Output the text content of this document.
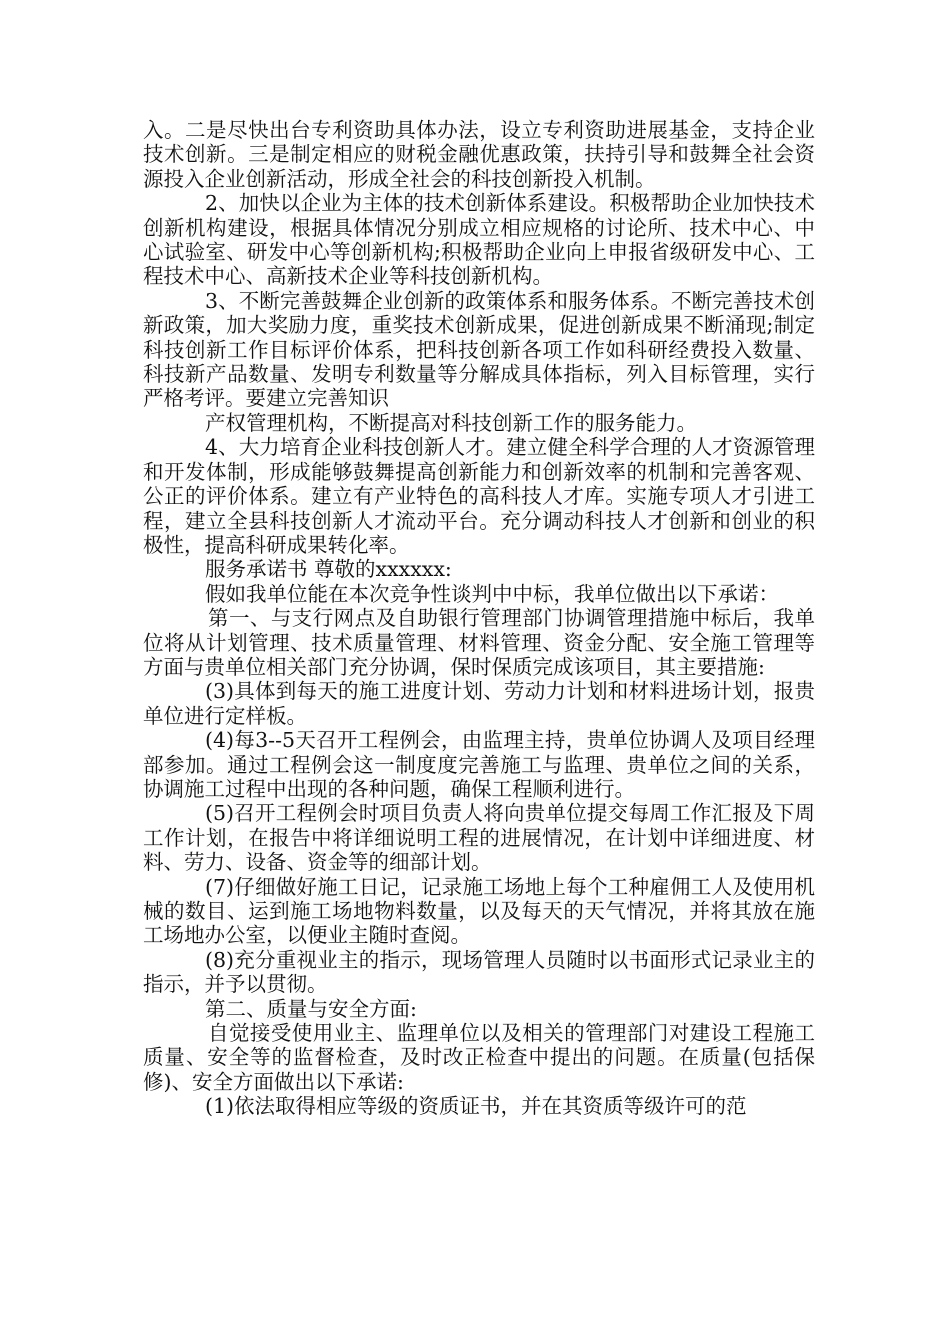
入。二是尽快出台专利资助具体办法，设立专利资助进展基金，支持企业技术创新。三是制定相应的财税金融优惠政策，扶持引导和鼓舞全社会资源投入企业创新活动，形成全社会的科技创新投入机制。

2、加快以企业为主体的技术创新体系建设。积极帮助企业加快技术创新机构建设，根据具体情况分别成立相应规格的讨论所、技术中心、中心试验室、研发中心等创新机构;积极帮助企业向上申报省级研发中心、工程技术中心、高新技术企业等科技创新机构。

3、不断完善鼓舞企业创新的政策体系和服务体系。不断完善技术创新政策，加大奖励力度，重奖技术创新成果，促进创新成果不断涌现;制定科技创新工作目标评价体系，把科技创新各项工作如科研经费投入数量、科技新产品数量、发明专利数量等分解成具体指标，列入目标管理，实行严格考评。要建立完善知识

产权管理机构，不断提高对科技创新工作的服务能力。

4、大力培育企业科技创新人才。建立健全科学合理的人才资源管理和开发体制，形成能够鼓舞提高创新能力和创新效率的机制和完善客观、公正的评价体系。建立有产业特色的高科技人才库。实施专项人才引进工程，建立全县科技创新人才流动平台。充分调动科技人才创新和创业的积极性，提高科研成果转化率。

服务承诺书 尊敬的xxxxxx:

假如我单位能在本次竞争性谈判中中标，我单位做出以下承诺：

第一、与支行网点及自助银行管理部门协调管理措施中标后，我单位将从计划管理、技术质量管理、材料管理、资金分配、安全施工管理等方面与贵单位相关部门充分协调，保时保质完成该项目，其主要措施:

(3)具体到每天的施工进度计划、劳动力计划和材料进场计划，报贵单位进行定样板。

(4)每3--5天召开工程例会，由监理主持，贵单位协调人及项目经理部参加。通过工程例会这一制度度完善施工与监理、贵单位之间的关系，协调施工过程中出现的各种问题，确保工程顺利进行。

(5)召开工程例会时项目负责人将向贵单位提交每周工作汇报及下周工作计划，在报告中将详细说明工程的进展情况，在计划中详细进度、材料、劳力、设备、资金等的细部计划。

(7)仔细做好施工日记，记录施工场地上每个工种雇佣工人及使用机械的数目、运到施工场地物料数量，以及每天的天气情况，并将其放在施工场地办公室，以便业主随时查阅。

(8)充分重视业主的指示，现场管理人员随时以书面形式记录业主的指示，并予以贯彻。

第二、质量与安全方面:

自觉接受使用业主、监理单位以及相关的管理部门对建设工程施工质量、安全等的监督检查，及时改正检查中提出的问题。在质量(包括保修)、安全方面做出以下承诺:

(1)依法取得相应等级的资质证书，并在其资质等级许可的范
